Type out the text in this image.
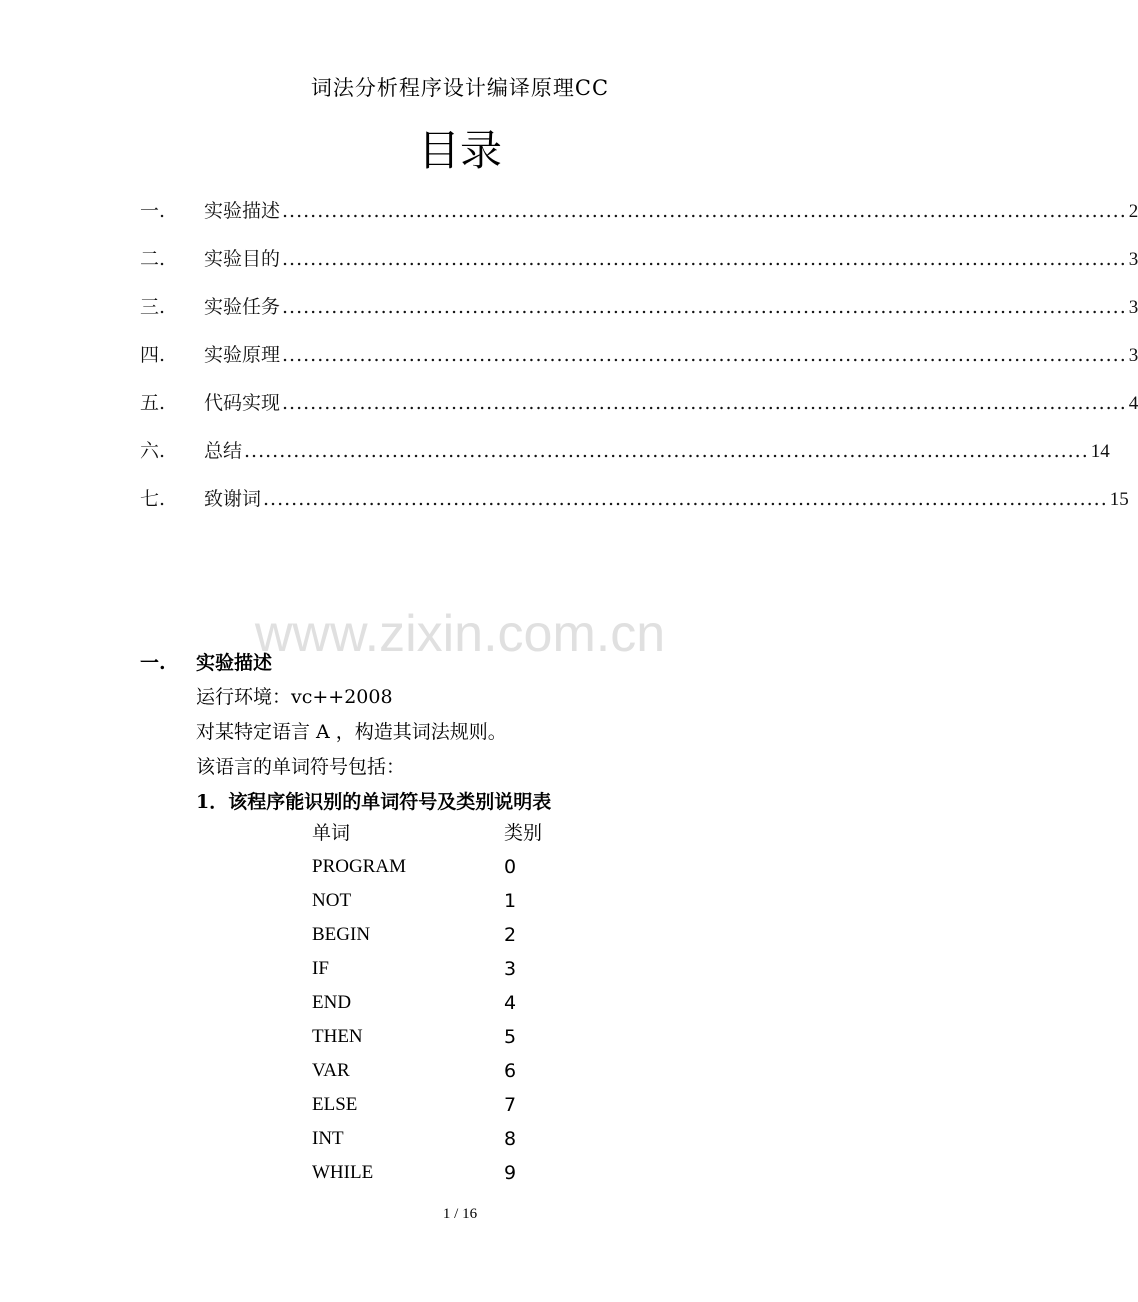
词法分析程序设计编译原理CC
目录
一.	实验描述 ........................................................................................................................ 2
二.	实验目的 ........................................................................................................................ 3
三.	实验任务 ........................................................................................................................ 3
四.	实验原理 ........................................................................................................................ 3
五.	代码实现 ........................................................................................................................ 4
六.	总结 ........................................................................................................................ 14
七.	致谢词 ........................................................................................................................ 15
www.zixin.com.cn
一.	实验描述
运行环境：vc++2008
对某特定语言 A ，构造其词法规则。
该语言的单词符号包括：
1．该程序能识别的单词符号及类别说明表
单词	类别
PROGRAM	0
NOT	1
BEGIN	2
IF	3
END	4
THEN	5
VAR	6
ELSE	7
INT	8
WHILE	9
1 / 16
